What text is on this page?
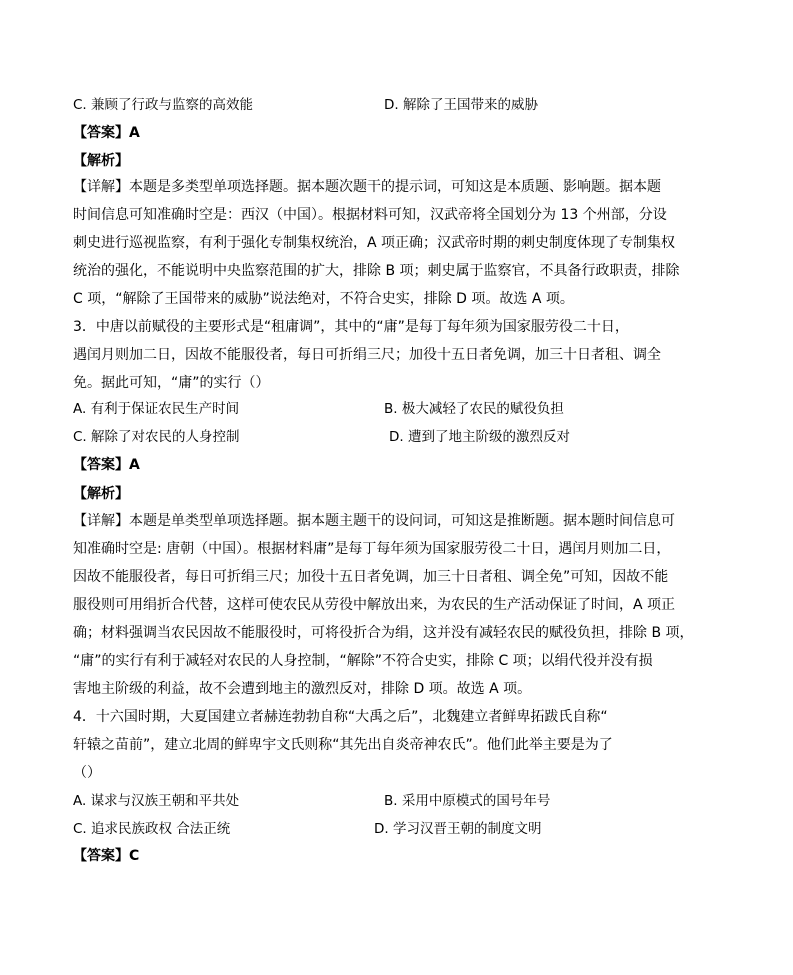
C. 兼顾了行政与监察的高效能	D. 解除了王国带来的威胁
【答案】A
【解析】
【详解】本题是多类型单项选择题。据本题次题干的提示词，可知这是本质题、影响题。据本题
时间信息可知准确时空是：西汉（中国）。根据材料可知，汉武帝将全国划分为 13 个州部，分设
刺史进行巡视监察，有利于强化专制集权统治，A 项正确；汉武帝时期的刺史制度体现了专制集权
统治的强化，不能说明中央监察范围的扩大，排除 B 项；刺史属于监察官，不具备行政职责，排除
C 项，“解除了王国带来的威胁”说法绝对，不符合史实，排除 D 项。故选 A 项。
3．中唐以前赋役的主要形式是“租庸调”，其中的“庸”是每丁每年须为国家服劳役二十日，
遇闰月则加二日，因故不能服役者，每日可折绢三尺；加役十五日者免调，加三十日者租、调全
免。据此可知，“庸”的实行（）
A. 有利于保证农民生产时间	B. 极大减轻了农民的赋役负担
C. 解除了对农民的人身控制	D. 遭到了地主阶级的激烈反对
【答案】A
【解析】
【详解】本题是单类型单项选择题。据本题主题干的设问词，可知这是推断题。据本题时间信息可
知准确时空是: 唐朝（中国）。根据材料庸”是每丁每年须为国家服劳役二十日，遇闰月则加二日，
因故不能服役者，每日可折绢三尺；加役十五日者免调，加三十日者租、调全免”可知，因故不能
服役则可用绢折合代替，这样可使农民从劳役中解放出来，为农民的生产活动保证了时间，A 项正
确；材料强调当农民因故不能服役时，可将役折合为绢，这并没有减轻农民的赋役负担，排除 B 项，
“庸”的实行有利于减轻对农民的人身控制，“解除”不符合史实，排除 C 项；以绢代役并没有损
害地主阶级的利益，故不会遭到地主的激烈反对，排除 D 项。故选 A 项。
4．十六国时期，大夏国建立者赫连勃勃自称“大禹之后”，北魏建立者鲜卑拓跋氏自称“
轩辕之苗前”，建立北周的鲜卑宇文氏则称“其先出自炎帝神农氏”。他们此举主要是为了
（）
A. 谋求与汉族王朝和平共处	B. 采用中原模式的国号年号
C. 追求民族政权 合法正统	D. 学习汉晋王朝的制度文明
【答案】C
